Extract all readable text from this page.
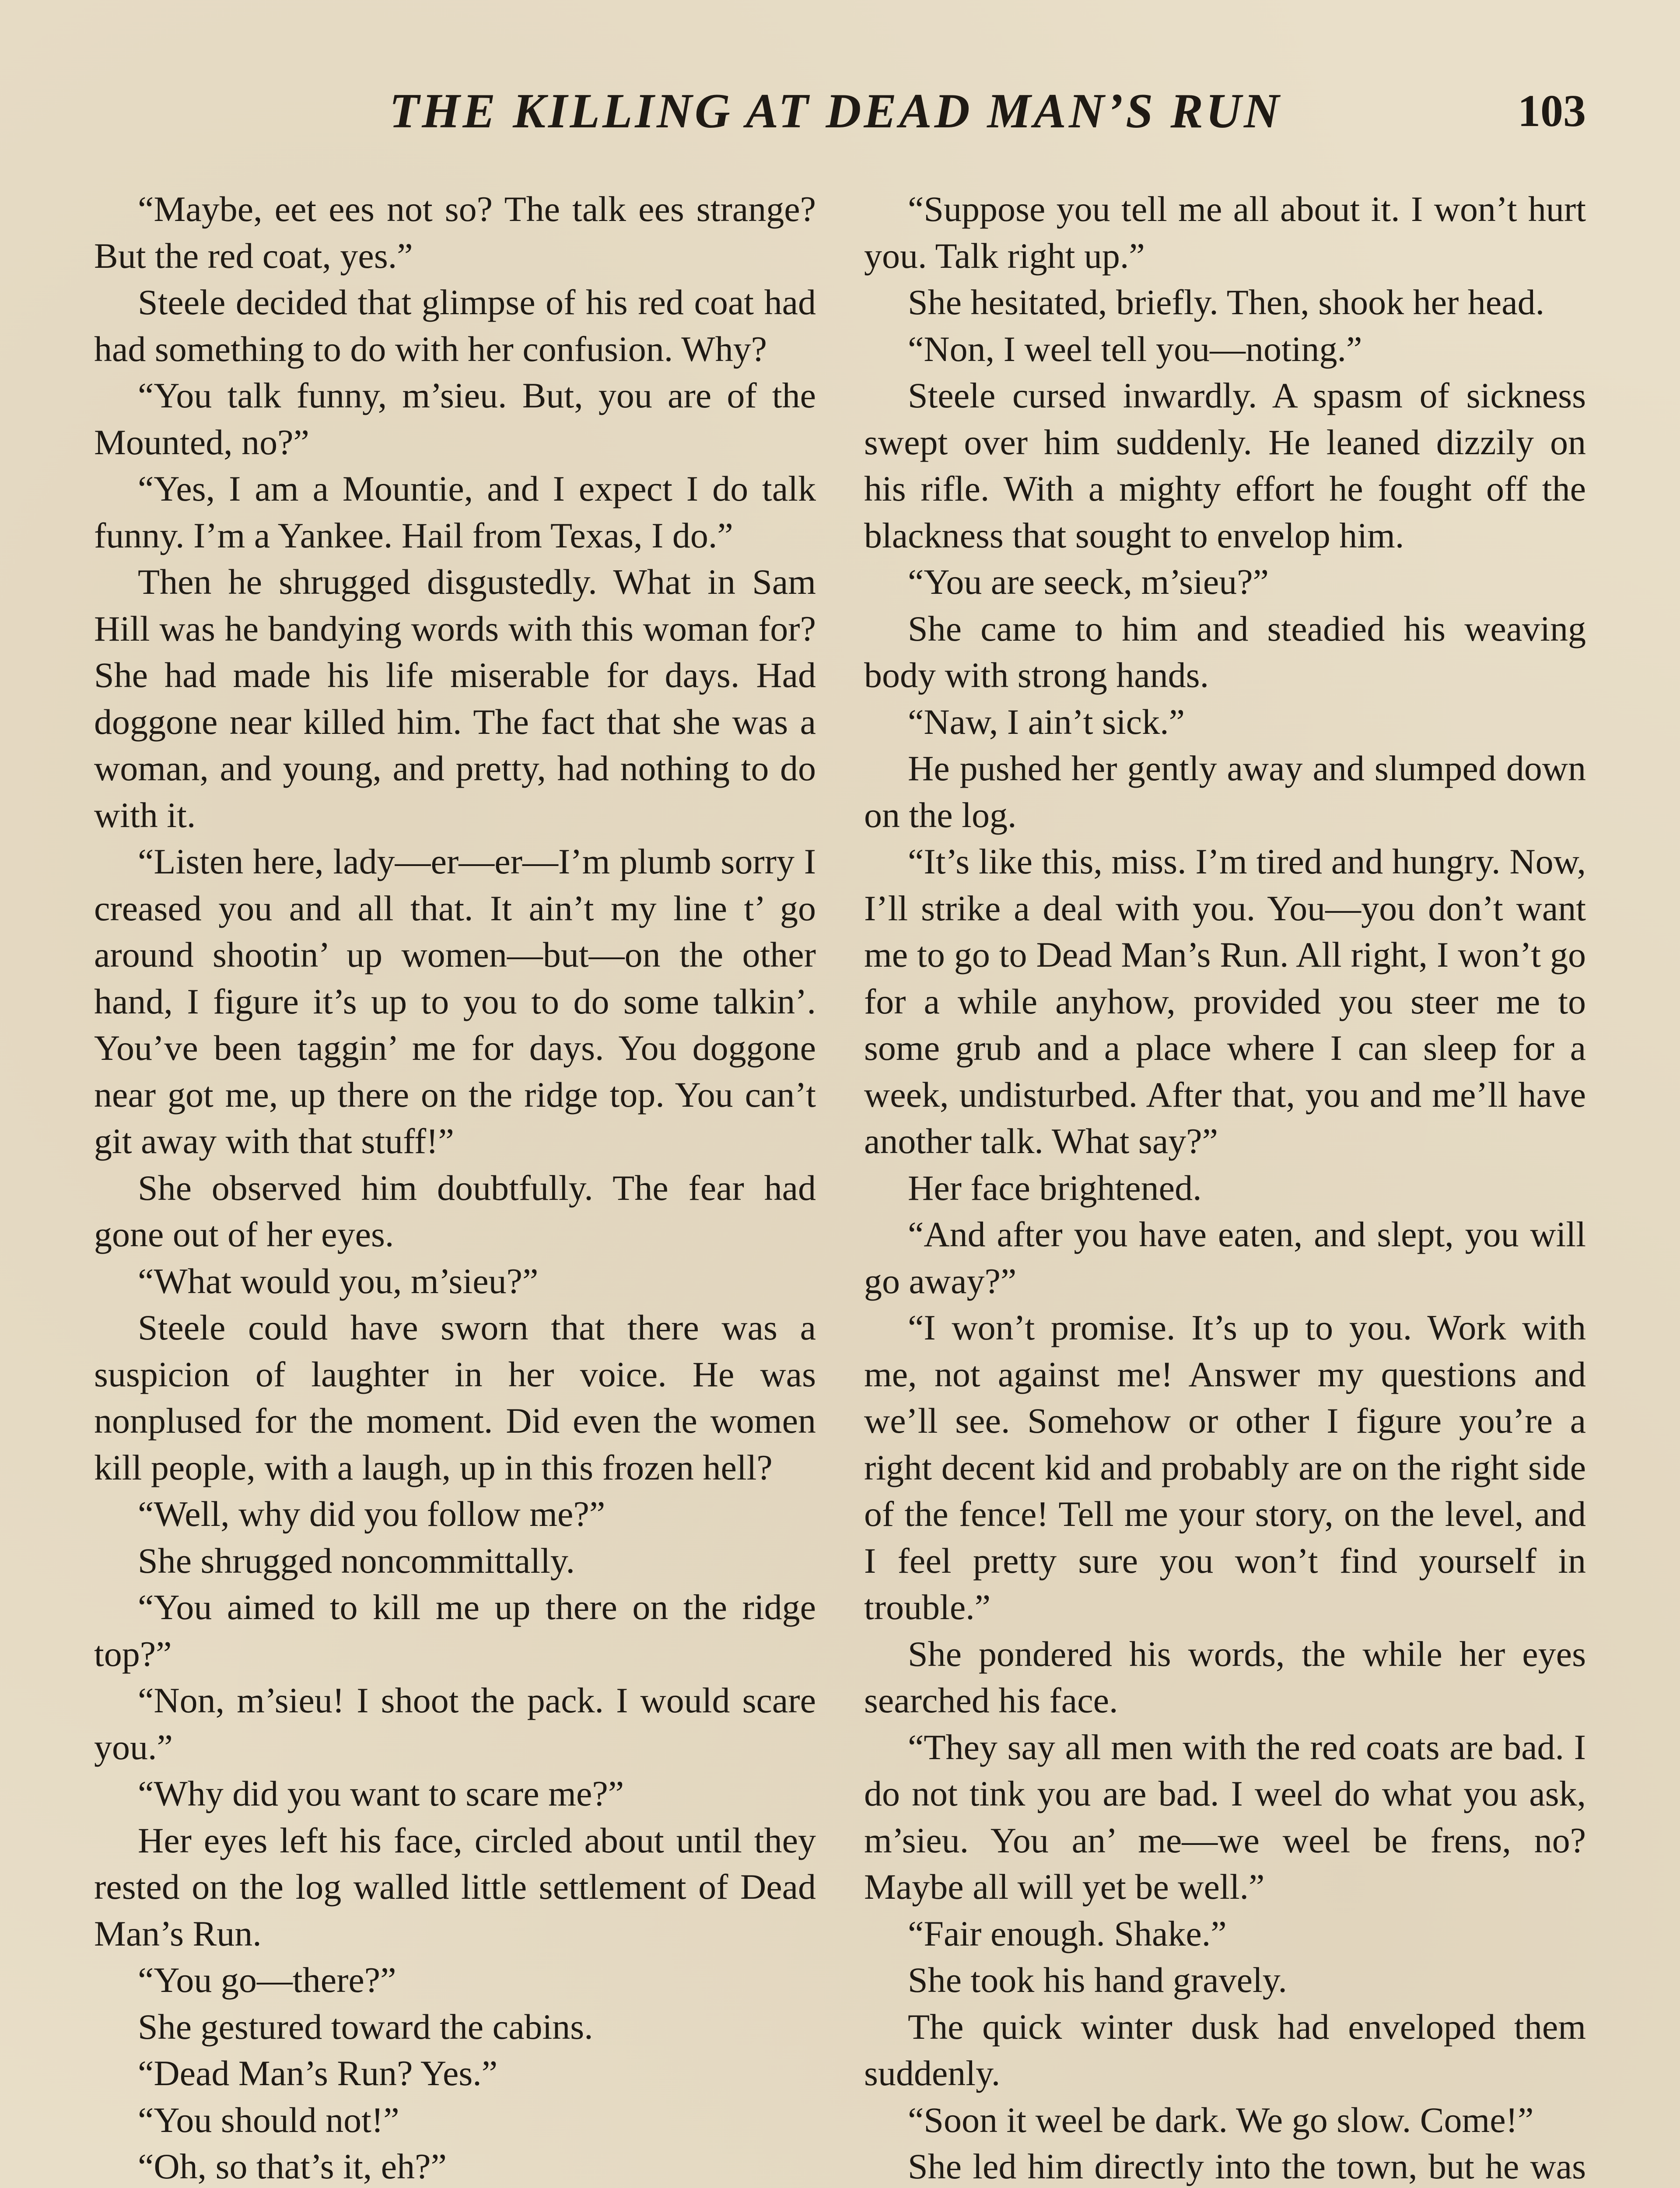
THE KILLING AT DEAD MAN’S RUN	103

“Maybe, eet ees not so? The talk ees strange? But the red coat, yes.”

Steele decided that glimpse of his red coat had had something to do with her confusion. Why?

“You talk funny, m’sieu. But, you are of the Mounted, no?”

“Yes, I am a Mountie, and I expect I do talk funny. I’m a Yankee. Hail from Texas, I do.”

Then he shrugged disgustedly. What in Sam Hill was he bandying words with this woman for? She had made his life miserable for days. Had doggone near killed him. The fact that she was a woman, and young, and pretty, had nothing to do with it.

“Listen here, lady—er—er—I’m plumb sorry I creased you and all that. It ain’t my line t’ go around shootin’ up women—but—on the other hand, I figure it’s up to you to do some talkin’. You’ve been taggin’ me for days. You doggone near got me, up there on the ridge top. You can’t git away with that stuff!”

She observed him doubtfully. The fear had gone out of her eyes.

“What would you, m’sieu?”

Steele could have sworn that there was a suspicion of laughter in her voice. He was nonplused for the moment. Did even the women kill people, with a laugh, up in this frozen hell?

“Well, why did you follow me?”

She shrugged noncommittally.

“You aimed to kill me up there on the ridge top?”

“Non, m’sieu! I shoot the pack. I would scare you.”

“Why did you want to scare me?”

Her eyes left his face, circled about until they rested on the log walled little settlement of Dead Man’s Run.

“You go—there?”

She gestured toward the cabins.

“Dead Man’s Run? Yes.”

“You should not!”

“Oh, so that’s it, eh?”

“Suppose you tell me all about it. I won’t hurt you. Talk right up.”

She hesitated, briefly. Then, shook her head.

“Non, I weel tell you—noting.”

Steele cursed inwardly. A spasm of sickness swept over him suddenly. He leaned dizzily on his rifle. With a mighty effort he fought off the blackness that sought to envelop him.

“You are seeck, m’sieu?”

She came to him and steadied his weaving body with strong hands.

“Naw, I ain’t sick.”

He pushed her gently away and slumped down on the log.

“It’s like this, miss. I’m tired and hungry. Now, I’ll strike a deal with you. You—you don’t want me to go to Dead Man’s Run. All right, I won’t go for a while anyhow, provided you steer me to some grub and a place where I can sleep for a week, undisturbed. After that, you and me’ll have another talk. What say?”

Her face brightened.

“And after you have eaten, and slept, you will go away?”

“I won’t promise. It’s up to you. Work with me, not against me! Answer my questions and we’ll see. Somehow or other I figure you’re a right decent kid and probably are on the right side of the fence! Tell me your story, on the level, and I feel pretty sure you won’t find yourself in trouble.”

She pondered his words, the while her eyes searched his face.

“They say all men with the red coats are bad. I do not tink you are bad. I weel do what you ask, m’sieu. You an’ me—we weel be frens, no? Maybe all will yet be well.”

“Fair enough. Shake.”

She took his hand gravely.

The quick winter dusk had enveloped them suddenly.

“Soon it weel be dark. We go slow. Come!”

She led him directly into the town, but he was
